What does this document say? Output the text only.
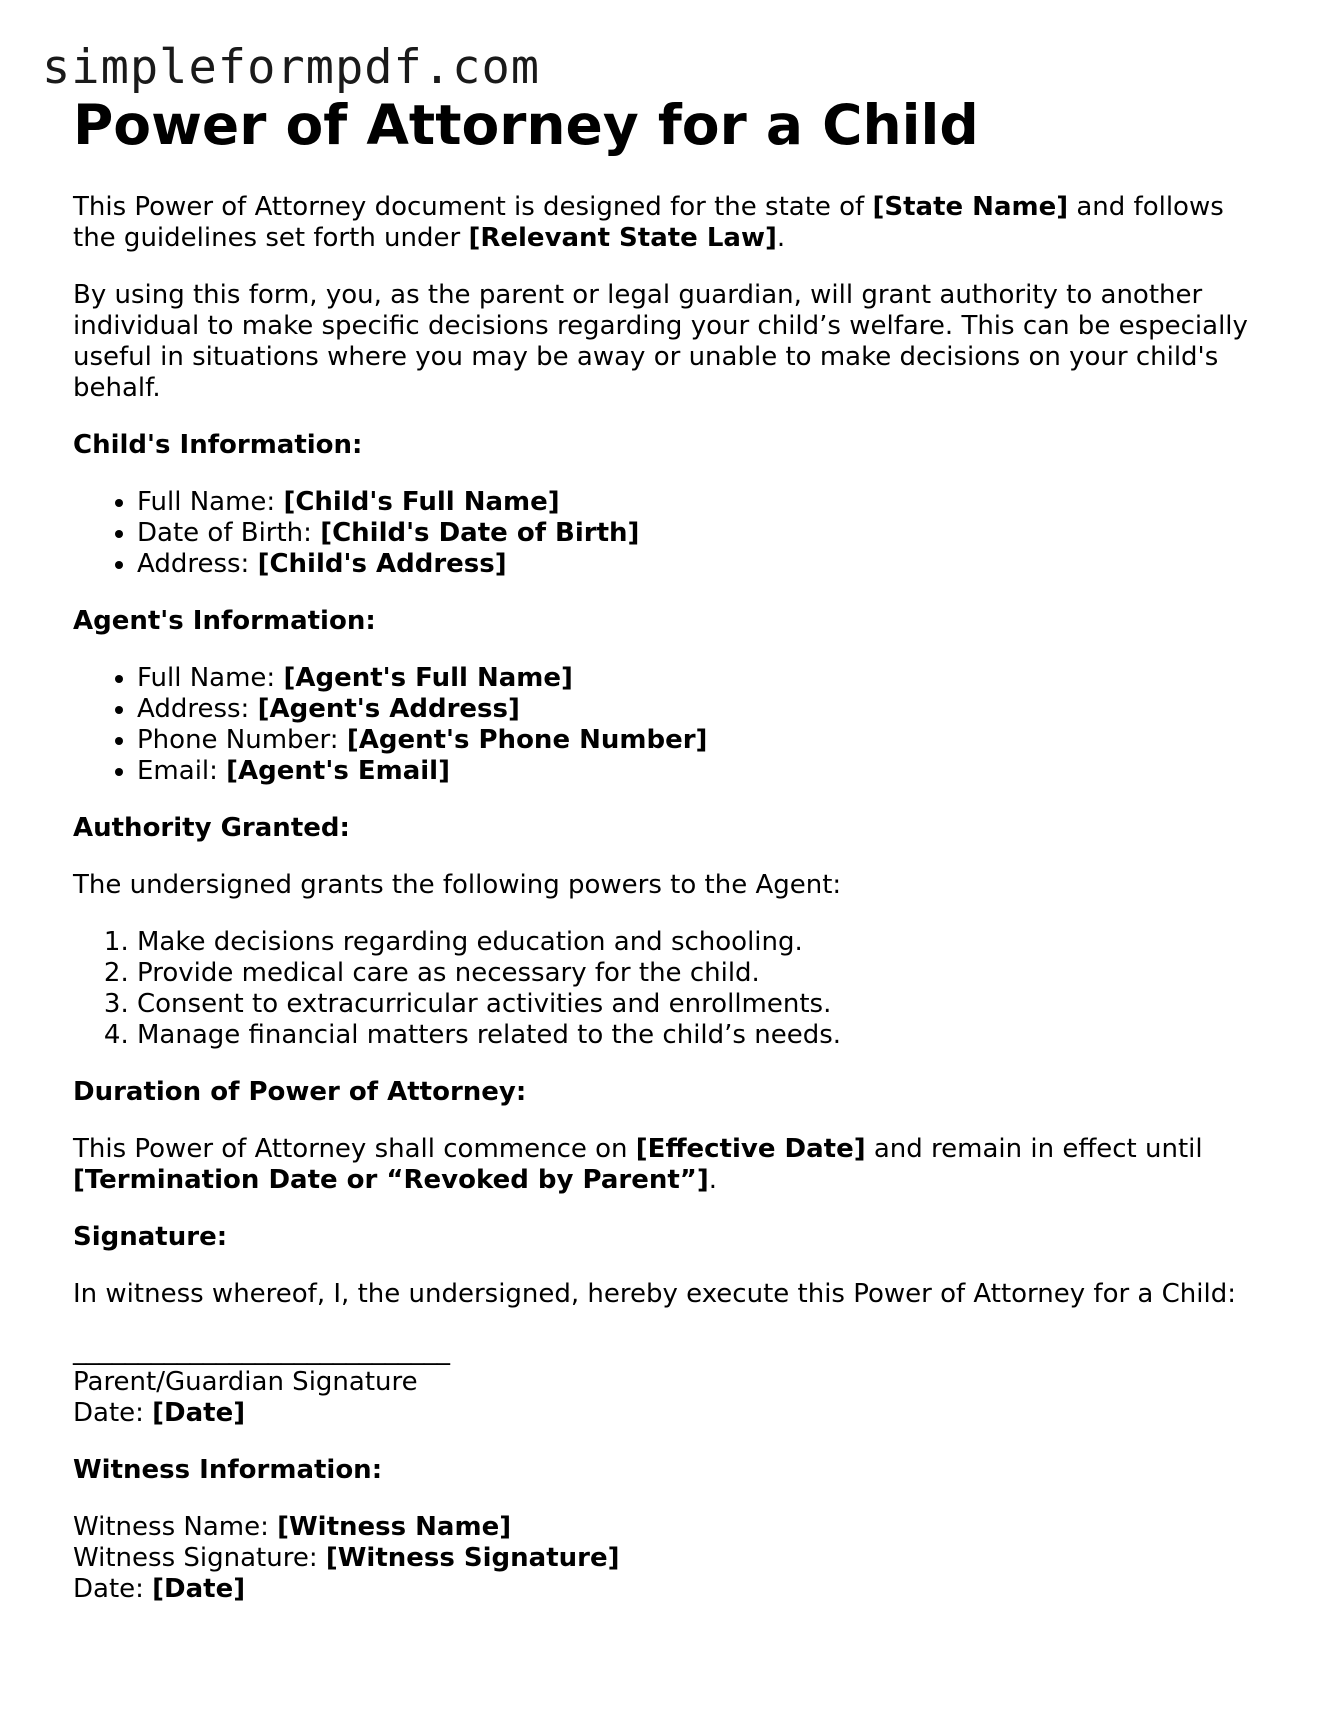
simpleformpdf.com
Power of Attorney for a Child

This Power of Attorney document is designed for the state of [State Name] and follows the guidelines set forth under [Relevant State Law].

By using this form, you, as the parent or legal guardian, will grant authority to another individual to make specific decisions regarding your child’s welfare. This can be especially useful in situations where you may be away or unable to make decisions on your child's behalf.

Child's Information:
• Full Name: [Child's Full Name]
• Date of Birth: [Child's Date of Birth]
• Address: [Child's Address]
Agent's Information:
• Full Name: [Agent's Full Name]
• Address: [Agent's Address]
• Phone Number: [Agent's Phone Number]
• Email: [Agent's Email]
Authority Granted:

The undersigned grants the following powers to the Agent:

1. Make decisions regarding education and schooling.
2. Provide medical care as necessary for the child.
3. Consent to extracurricular activities and enrollments.
4. Manage financial matters related to the child’s needs.
Duration of Power of Attorney:

This Power of Attorney shall commence on [Effective Date] and remain in effect until [Termination Date or “Revoked by Parent”].

Signature:

In witness whereof, I, the undersigned, hereby execute this Power of Attorney for a Child:

_____________________________
Parent/Guardian Signature
Date: [Date]

Witness Information:

Witness Name: [Witness Name]
Witness Signature: [Witness Signature]
Date: [Date]
